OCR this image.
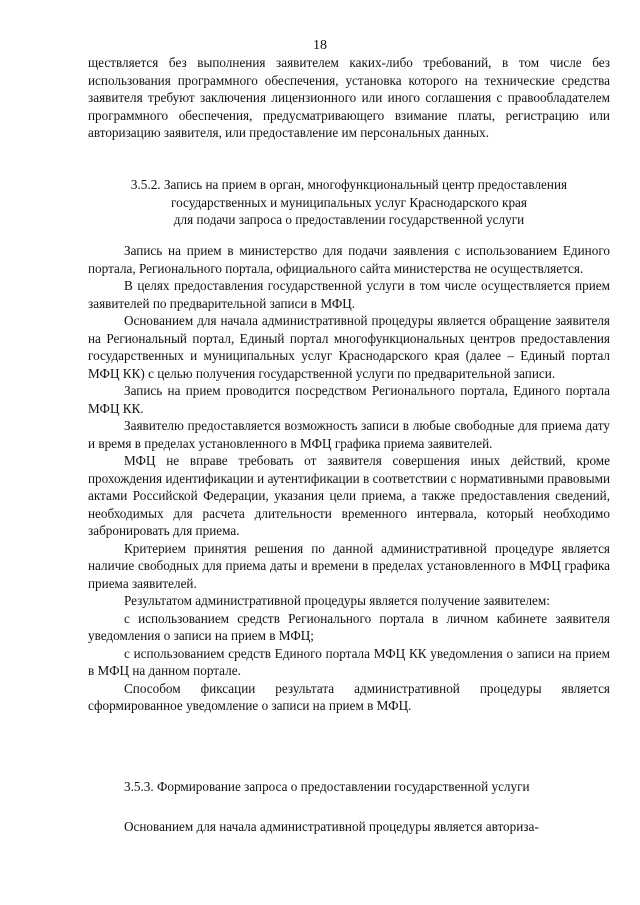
18

ществляется без выполнения заявителем каких-либо требований, в том числе без использования программного обеспечения, установка которого на технические средства заявителя требуют заключения лицензионного или иного соглашения с правообладателем программного обеспечения, предусматривающего взимание платы, регистрацию или авторизацию заявителя, или предоставление им персональных данных.

3.5.2. Запись на прием в орган, многофункциональный центр предоставления

государственных и муниципальных услуг Краснодарского края

для подачи запроса о предоставлении государственной услуги

Запись на прием в министерство для подачи заявления с использованием Единого портала, Регионального портала, официального сайта министерства не осуществляется.

В целях предоставления государственной услуги в том числе осуществляется прием заявителей по предварительной записи в МФЦ.

Основанием для начала административной процедуры является обращение заявителя на Региональный портал, Единый портал многофункциональных центров предоставления государственных и муниципальных услуг Краснодарского края (далее – Единый портал МФЦ КК) с целью получения государственной услуги по предварительной записи.

Запись на прием проводится посредством Регионального портала, Единого портала МФЦ КК.

Заявителю предоставляется возможность записи в любые свободные для приема дату и время в пределах установленного в МФЦ графика приема заявителей.

МФЦ не вправе требовать от заявителя совершения иных действий, кроме прохождения идентификации и аутентификации в соответствии с нормативными правовыми актами Российской Федерации, указания цели приема, а также предоставления сведений, необходимых для расчета длительности временного интервала, который необходимо забронировать для приема.

Критерием принятия решения по данной административной процедуре является наличие свободных для приема даты и времени в пределах установленного в МФЦ графика приема заявителей.

Результатом административной процедуры является получение заявителем:

с использованием средств Регионального портала в личном кабинете заявителя уведомления о записи на прием в МФЦ;

с использованием средств Единого портала МФЦ КК уведомления о записи на прием в МФЦ на данном портале.

Способом фиксации результата административной процедуры является сформированное уведомление о записи на прием в МФЦ.

3.5.3. Формирование запроса о предоставлении государственной услуги

Основанием для начала административной процедуры является авториза-
